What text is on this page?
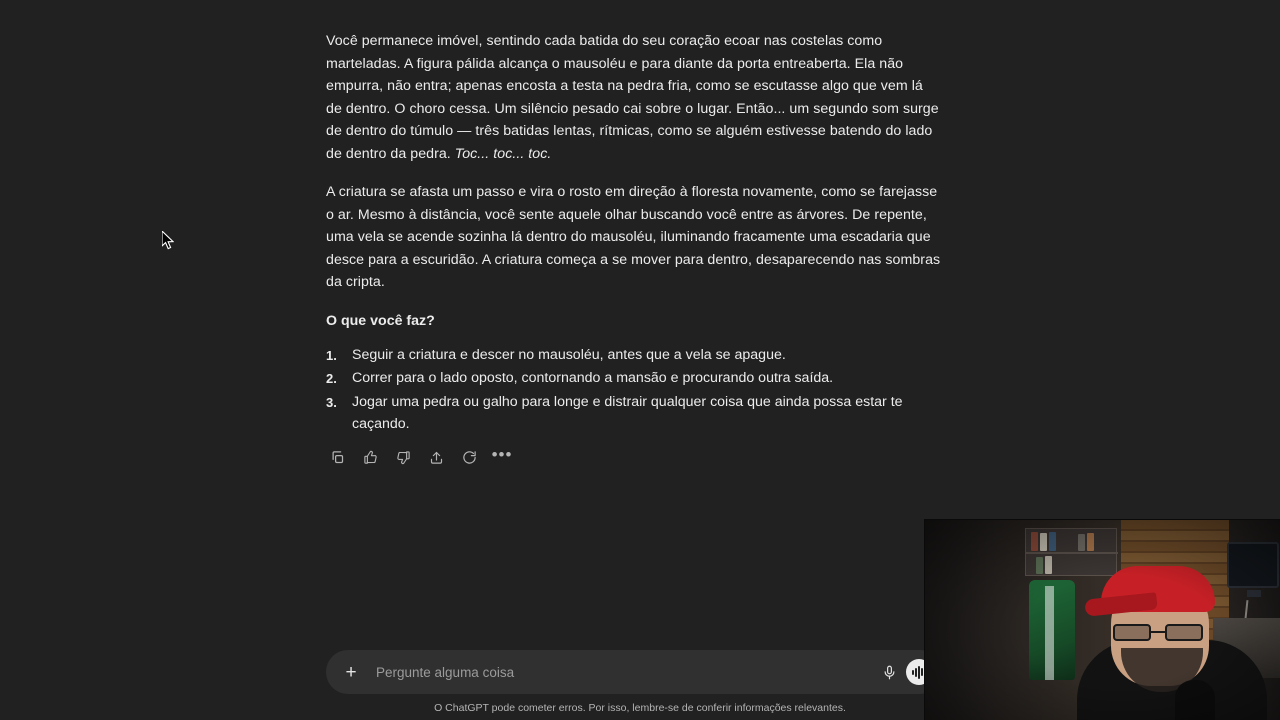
Você permanece imóvel, sentindo cada batida do seu coração ecoar nas costelas como marteladas. A figura pálida alcança o mausoléu e para diante da porta entreaberta. Ela não empurra, não entra; apenas encosta a testa na pedra fria, como se escutasse algo que vem lá de dentro. O choro cessa. Um silêncio pesado cai sobre o lugar. Então... um segundo som surge de dentro do túmulo — três batidas lentas, rítmicas, como se alguém estivesse batendo do lado de dentro da pedra. Toc... toc... toc.

A criatura se afasta um passo e vira o rosto em direção à floresta novamente, como se farejasse o ar. Mesmo à distância, você sente aquele olhar buscando você entre as árvores. De repente, uma vela se acende sozinha lá dentro do mausoléu, iluminando fracamente uma escadaria que desce para a escuridão. A criatura começa a se mover para dentro, desaparecendo nas sombras da cripta.

O que você faz?

1.	Seguir a criatura e descer no mausoléu, antes que a vela se apague.
2.	Correr para o lado oposto, contornando a mansão e procurando outra saída.
3.	Jogar uma pedra ou galho para longe e distrair qualquer coisa que ainda possa estar te caçando.
•••
+
Pergunte alguma coisa
O ChatGPT pode cometer erros. Por isso, lembre-se de conferir informações relevantes.
